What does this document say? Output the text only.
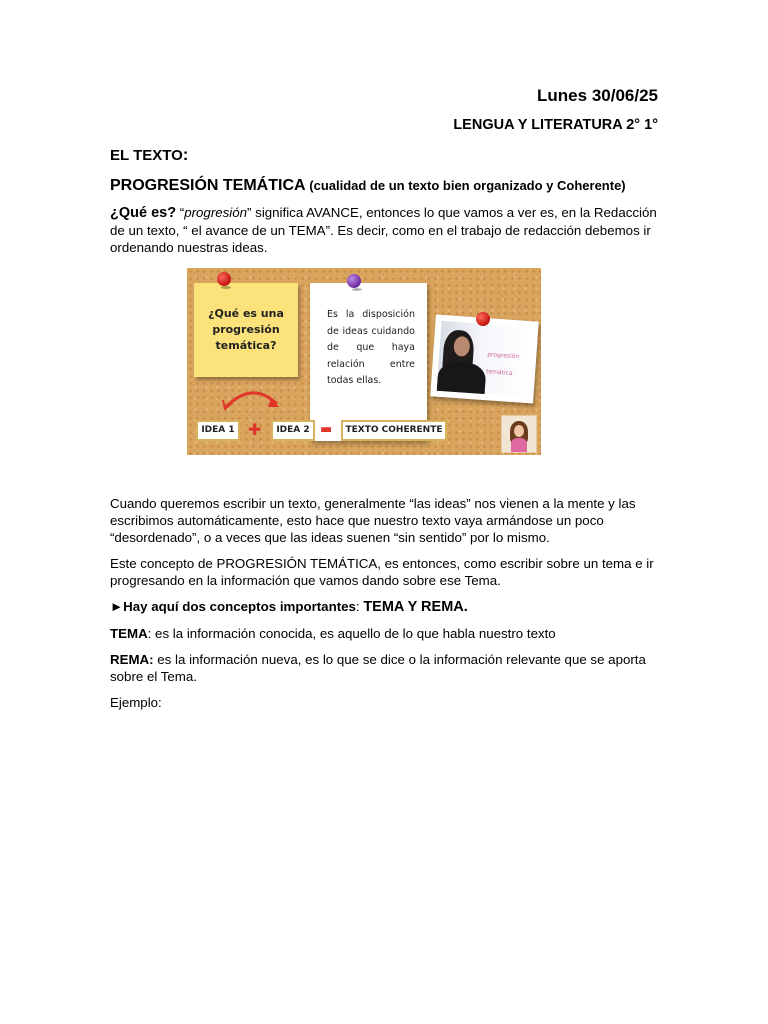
Lunes 30/06/25
LENGUA Y LITERATURA 2° 1°
EL TEXTO:
PROGRESIÓN TEMÁTICA (cualidad de un texto bien organizado y Coherente)

¿Qué es? “progresión” significa AVANCE, entonces lo que vamos a ver es, en la Redacción de un texto, “ el avance de un TEMA”. Es decir, como en el trabajo de redacción debemos ir ordenando nuestras ideas.

¿Qué es una
progresión
temática?
Es la disposición de ideas cuidando de que haya relación entre todas ellas.
progresión temática
IDEA 1 ✚	IDEA 2 ▬	TEXTO COHERENTE

Cuando queremos escribir un texto, generalmente “las ideas” nos vienen a la mente y las escribimos automáticamente, esto hace que nuestro texto vaya armándose un poco “desordenado”, o a veces que las ideas suenen “sin sentido” por lo mismo.

Este concepto de PROGRESIÓN TEMÁTICA, es entonces, como escribir sobre un tema e ir progresando en la información que vamos dando sobre ese Tema.

►Hay aquí dos conceptos importantes: TEMA Y REMA.

TEMA: es la información conocida, es aquello de lo que habla nuestro texto

REMA: es la información nueva, es lo que se dice o la información relevante que se aporta sobre el Tema.

Ejemplo:
